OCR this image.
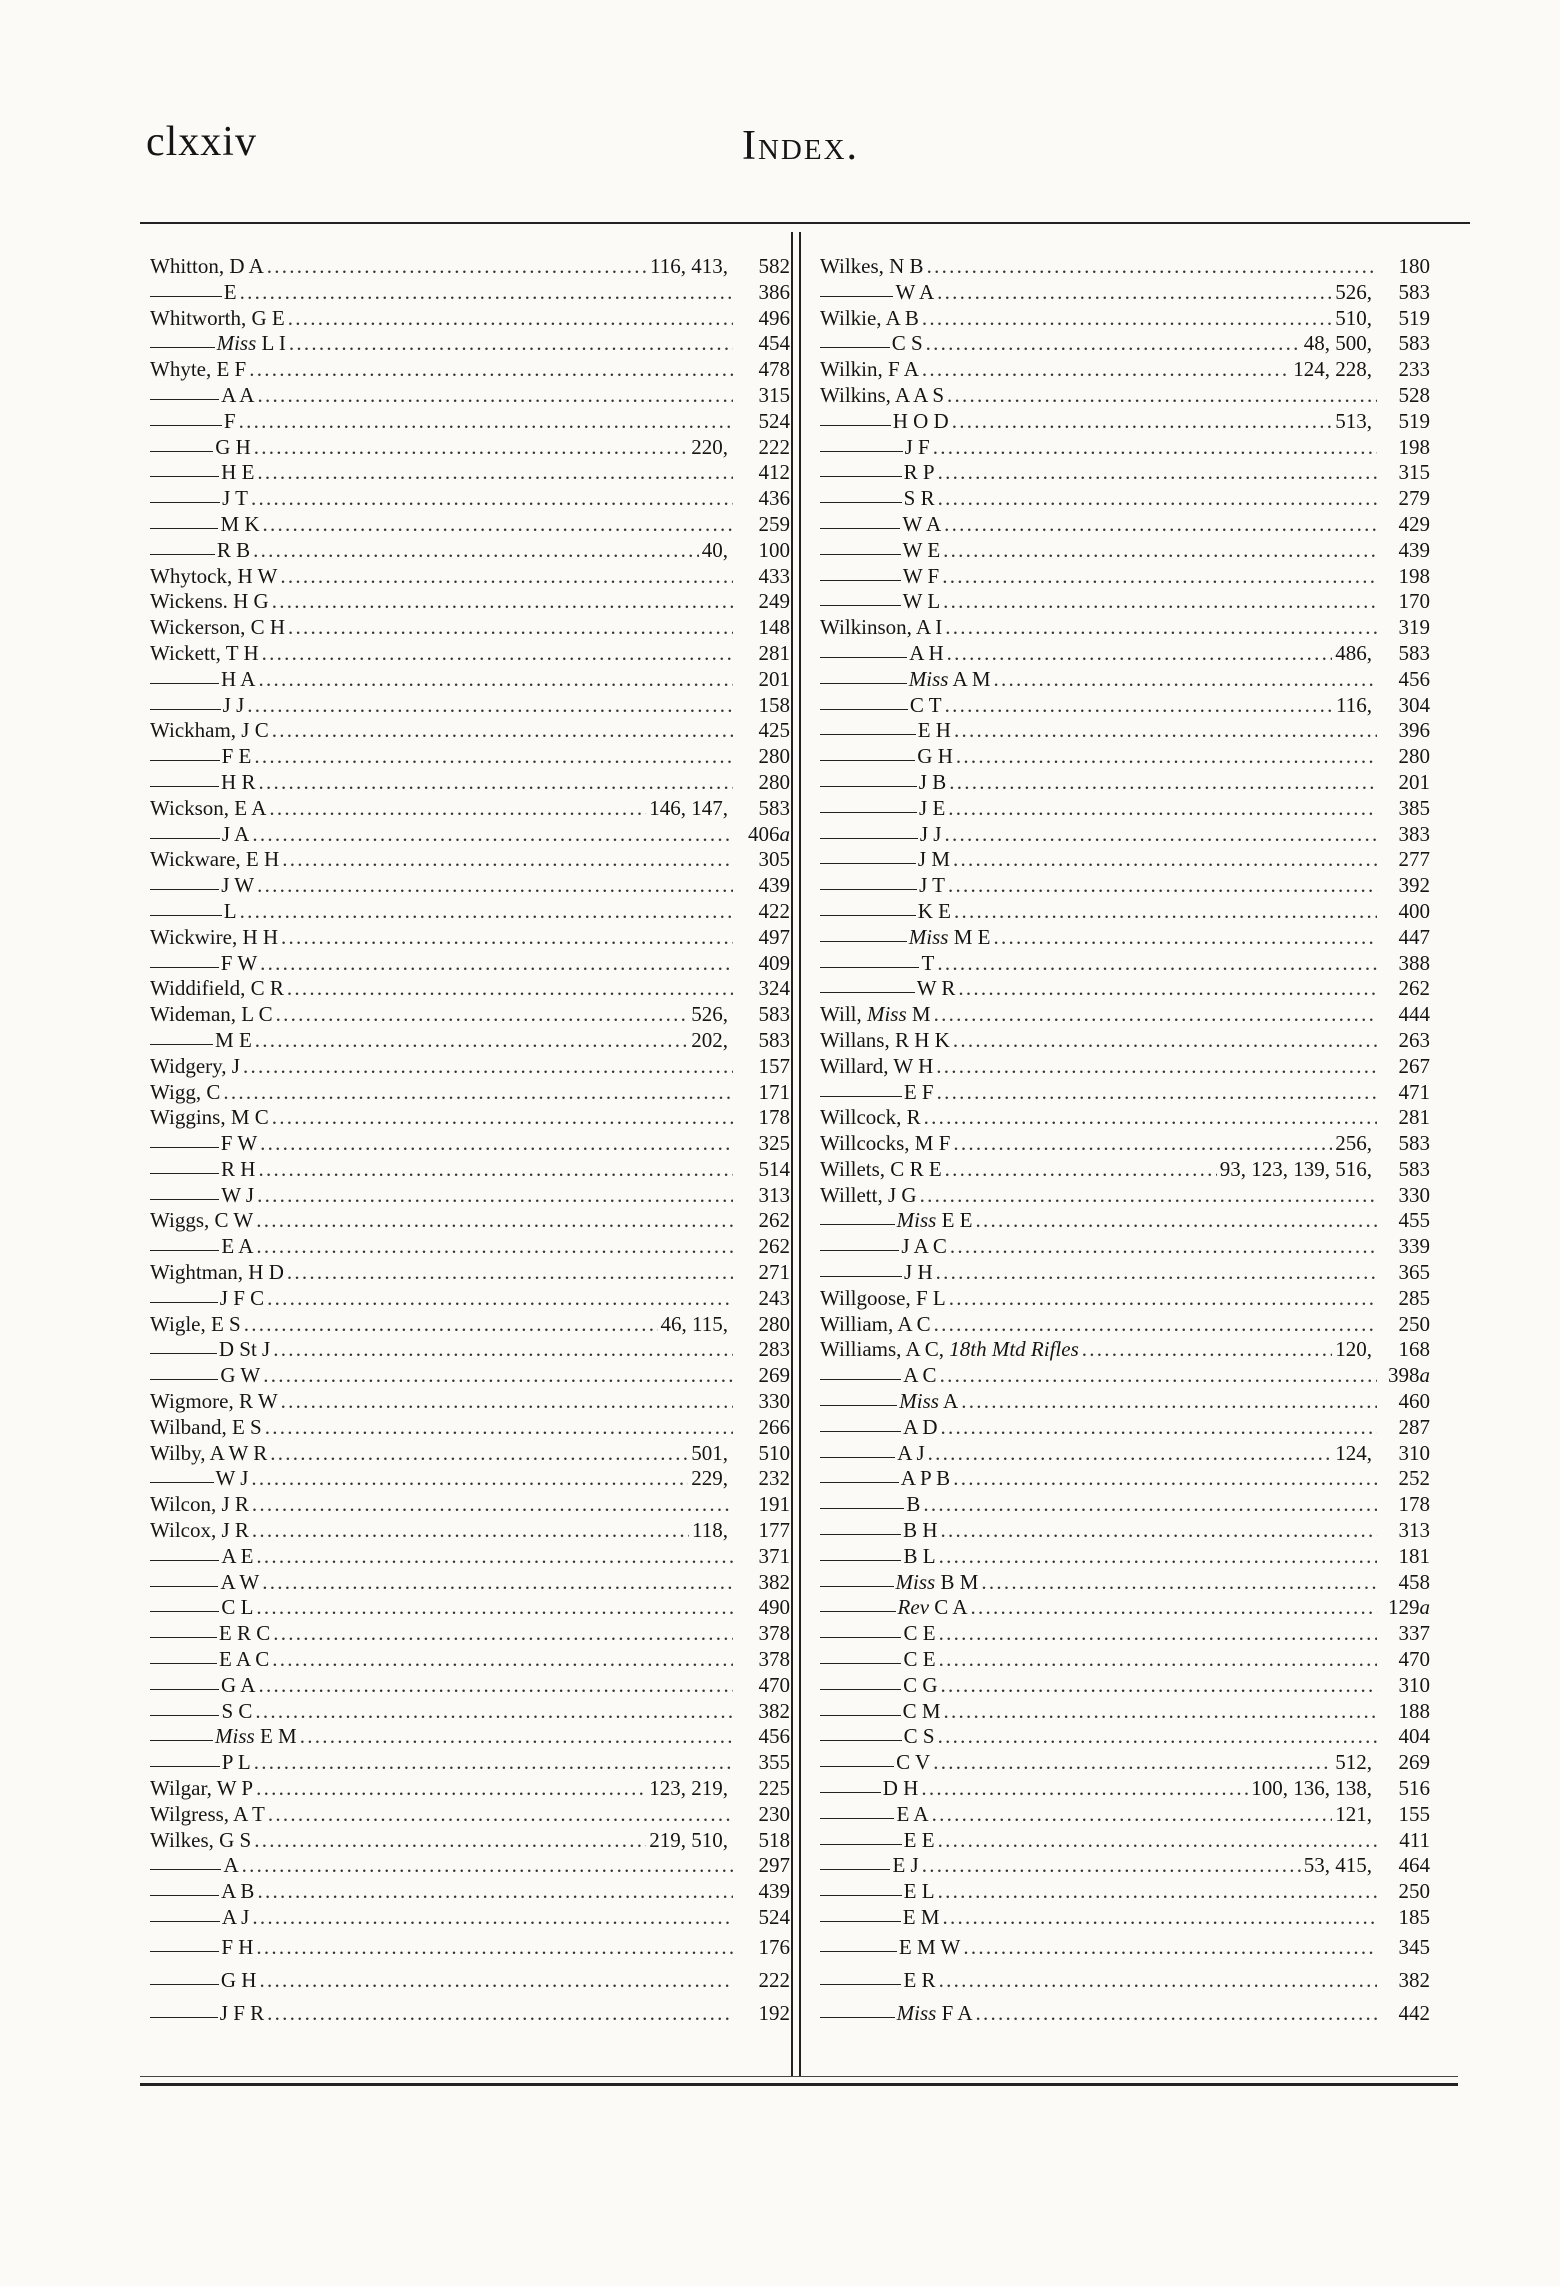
clxxiv	Index.
Whitton, D A . . .	116, 413,	582
E . . .	386
Whitworth, G E . . .	496
Miss L I . . .	454
Whyte, E F . . .	478
A A . . .	315
F . . .	524
G H . . .	220,	222
H E . . .	412
J T . . .	436
M K . . .	259
R B . . .	40,	100
Whytock, H W . . .	433
Wickens. H G . . .	249
Wickerson, C H . . .	148
Wickett, T H . . .	281
H A . . .	201
J J . . .	158
Wickham, J C . . .	425
F E . . .	280
H R . . .	280
Wickson, E A . . .	146, 147,	583
J A . . .	406a
Wickware, E H . . .	305
J W . . .	439
L . . .	422
Wickwire, H H . . .	497
F W . . .	409
Widdifield, C R . . .	324
Wideman, L C . . .	526,	583
M E . . .	202,	583
Widgery, J . . .	157
Wigg, C . . .	171
Wiggins, M C . . .	178
F W . . .	325
R H . . .	514
W J . . .	313
Wiggs, C W . . .	262
E A . . .	262
Wightman, H D . . .	271
J F C . . .	243
Wigle, E S . . .	46, 115,	280
D St J . . .	283
G W . . .	269
Wigmore, R W . . .	330
Wilband, E S . . .	266
Wilby, A W R . . .	501,	510
W J . . .	229,	232
Wilcon, J R . . .	191
Wilcox, J R . . .	118,	177
A E . . .	371
A W . . .	382
C L . . .	490
E R C . . .	378
E A C . . .	378
G A . . .	470
S C . . .	382
Miss E M . . .	456
P L . . .	355
Wilgar, W P . . .	123, 219,	225
Wilgress, A T . . .	230
Wilkes, G S . . .	219, 510,	518
A . . .	297
A B . . .	439
A J . . .	524
F H . . .	176
G H . . .	222
J F R . . .	192
Wilkes, N B . . .	180
W A . . .	526,	583
Wilkie, A B . . .	510,	519
C S . . .	48, 500,	583
Wilkin, F A . . .	124, 228,	233
Wilkins, A A S . . .	528
H O D . . .	513,	519
J F . . .	198
R P . . .	315
S R . . .	279
W A . . .	429
W E . . .	439
W F . . .	198
W L . . .	170
Wilkinson, A I . . .	319
A H . . .	486,	583
Miss A M . . .	456
C T . . .	116,	304
E H . . .	396
G H . . .	280
J B . . .	201
J E . . .	385
J J . . .	383
J M . . .	277
J T . . .	392
K E . . .	400
Miss M E . . .	447
T . . .	388
W R . . .	262
Will, Miss M . . .	444
Willans, R H K . . .	263
Willard, W H . . .	267
E F . . .	471
Willcock, R . . .	281
Willcocks, M F . . .	256,	583
Willets, C R E . . .	93, 123, 139, 516,	583
Willett, J G . . .	330
Miss E E . . .	455
J A C . . .	339
J H . . .	365
Willgoose, F L . . .	285
William, A C . . .	250
Williams, A C, 18th Mtd Rifles . . .	120,	168
A C . . .	398a
Miss A . . .	460
A D . . .	287
A J . . .	124,	310
A P B . . .	252
B . . .	178
B H . . .	313
B L . . .	181
Miss B M . . .	458
Rev C A . . .	129a
C E . . .	337
C E . . .	470
C G . . .	310
C M . . .	188
C S . . .	404
C V . . .	512,	269
D H . . .	100, 136, 138,	516
E A . . .	121,	155
E E . . .	411
E J . . .	53, 415,	464
E L . . .	250
E M . . .	185
E M W . . .	345
E R . . .	382
Miss F A . . .	442
